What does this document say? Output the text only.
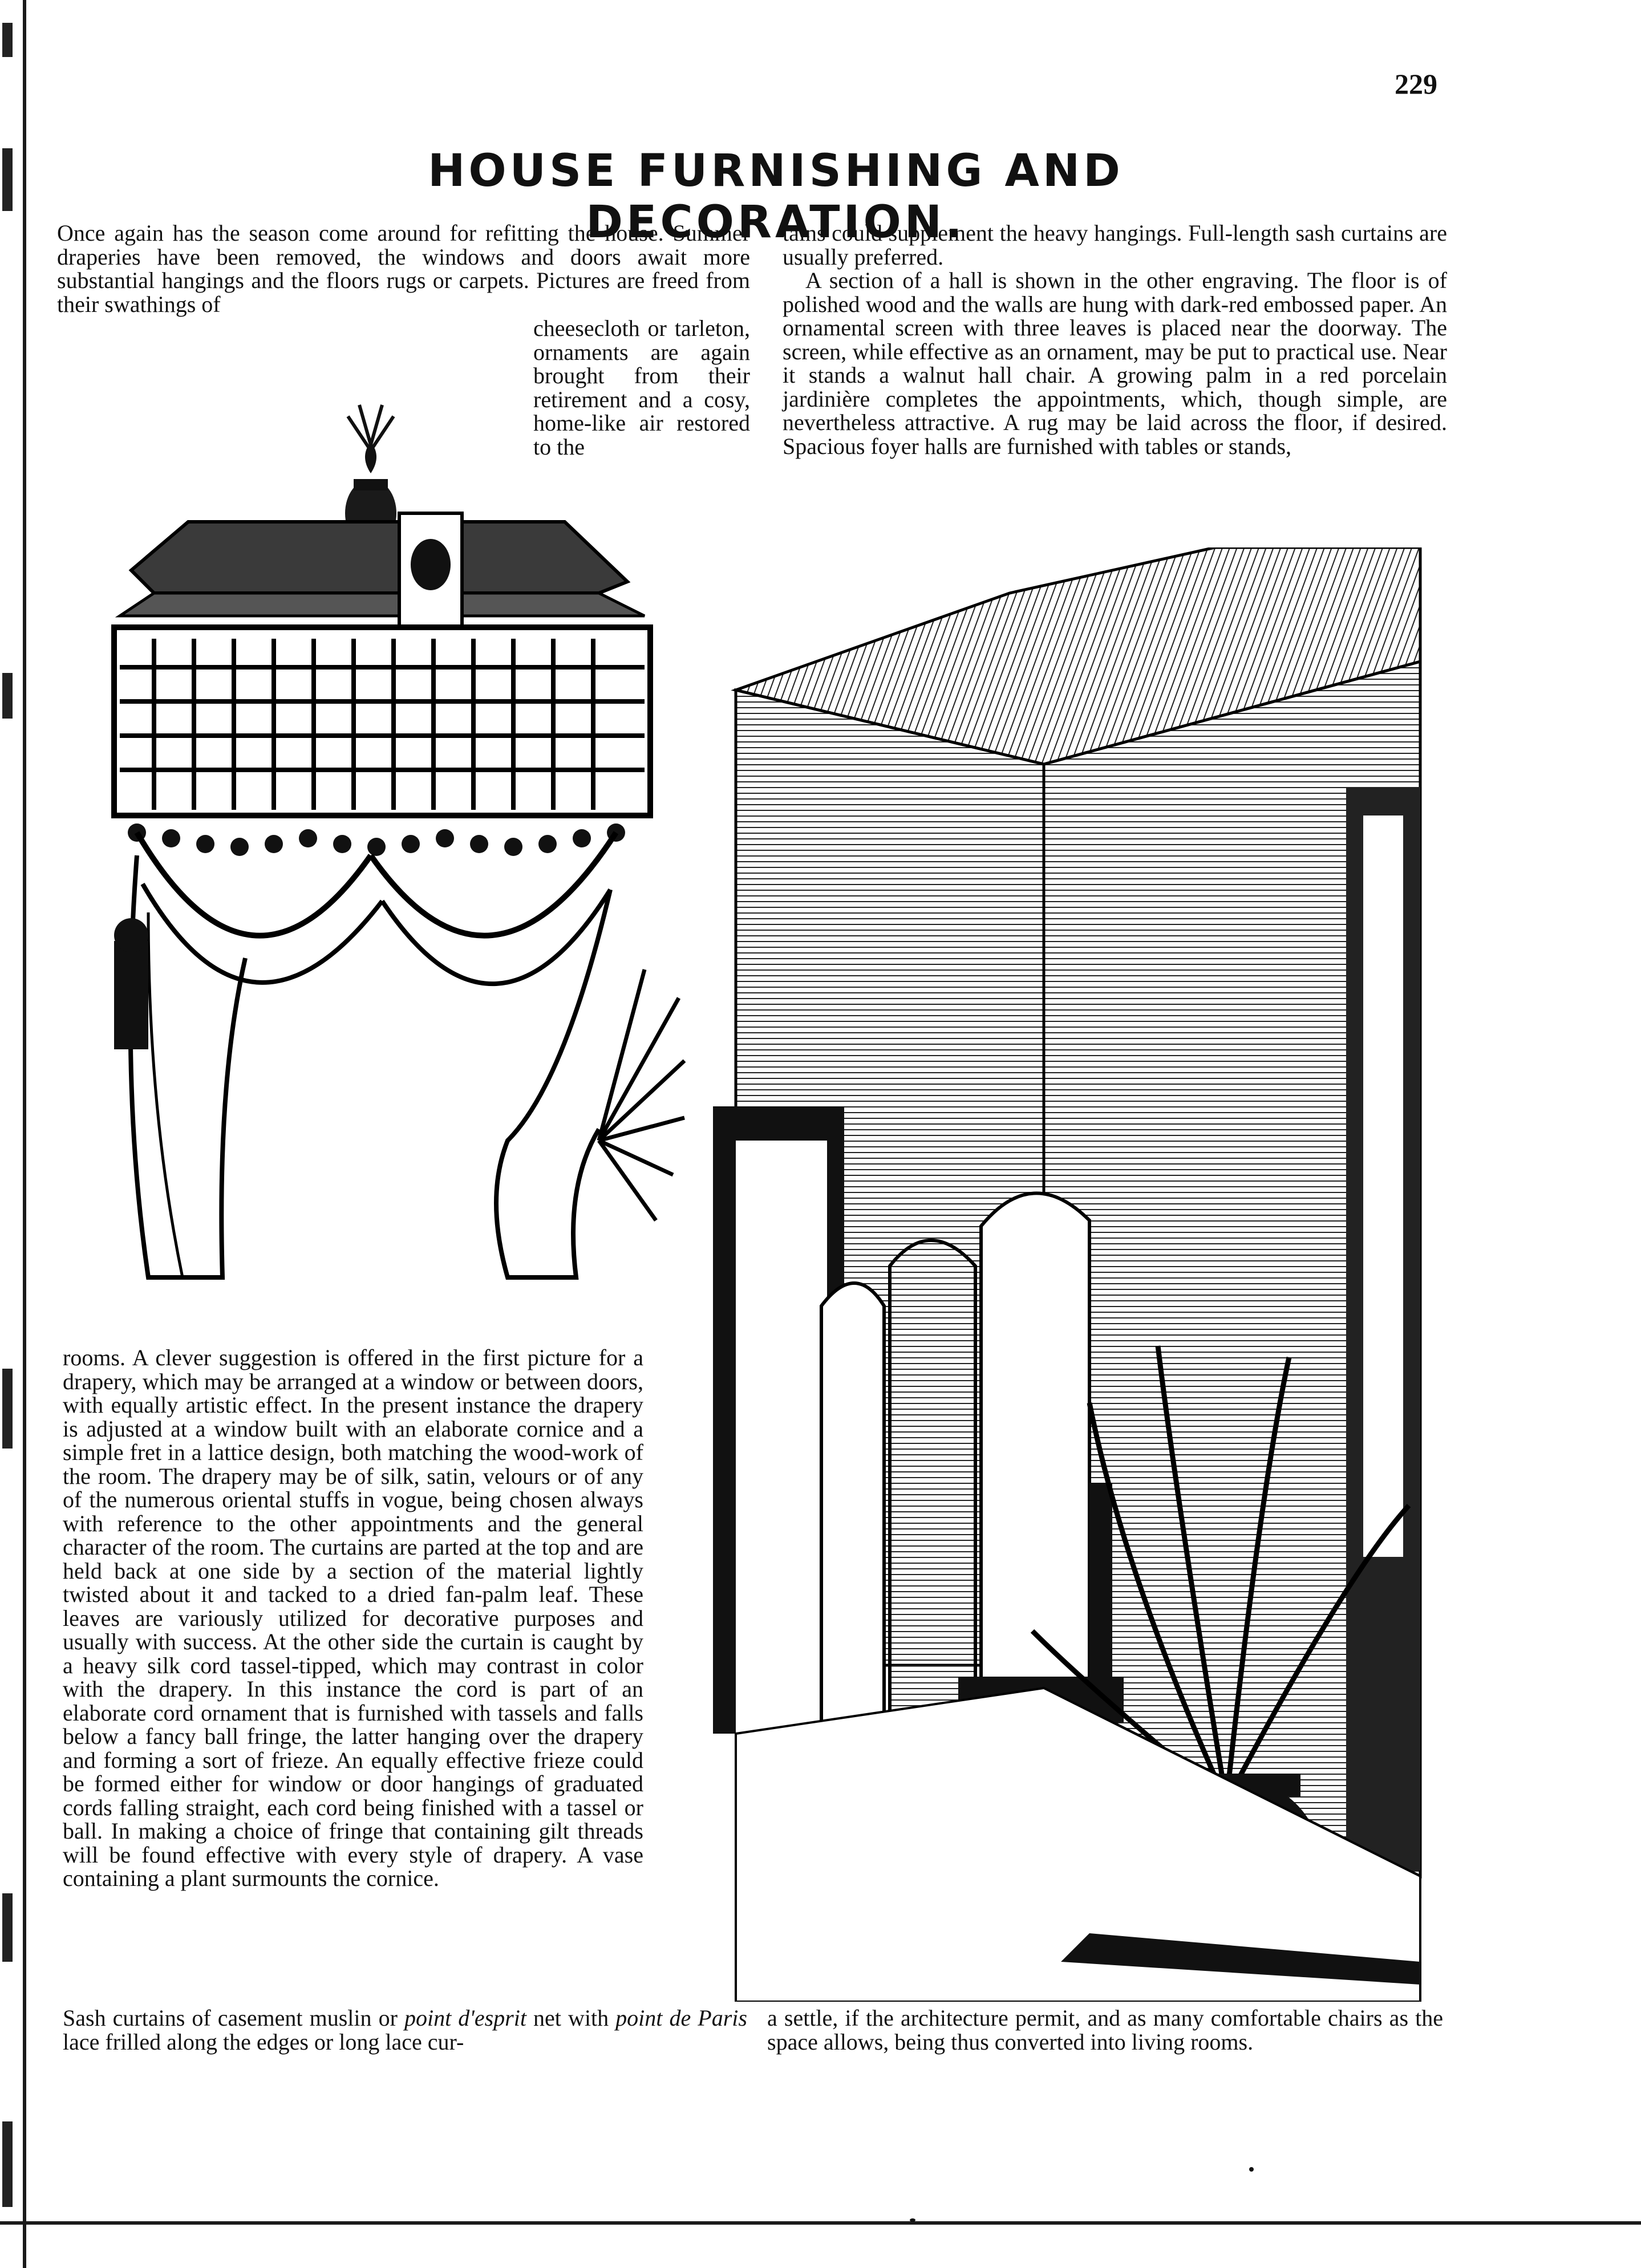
229
HOUSE FURNISHING AND DECORATION.

Once again has the season come around for refitting the house. Summer draperies have been removed, the windows and doors await more substantial hangings and the floors rugs or carpets. Pictures are freed from their swathings of

cheesecloth or tarleton, ornaments are again brought from their retirement and a cosy, home-like air restored to the

tains could supplement the heavy hangings. Full-length sash curtains are usually preferred.

A section of a hall is shown in the other engraving. The floor is of polished wood and the walls are hung with dark-red embossed paper. An ornamental screen with three leaves is placed near the doorway. The screen, while effective as an ornament, may be put to practical use. Near it stands a walnut hall chair. A growing palm in a red porcelain jardinière completes the appointments, which, though simple, are nevertheless attractive. A rug may be laid across the floor, if desired. Spacious foyer halls are furnished with tables or stands,

rooms. A clever suggestion is offered in the first picture for a drapery, which may be arranged at a window or between doors, with equally artistic effect. In the present instance the drapery is adjusted at a window built with an elaborate cornice and a simple fret in a lattice design, both matching the wood-work of the room. The drapery may be of silk, satin, velours or of any of the numerous oriental stuffs in vogue, being chosen always with reference to the other appointments and the general character of the room. The curtains are parted at the top and are held back at one side by a section of the material lightly twisted about it and tacked to a dried fan-palm leaf. These leaves are variously utilized for decorative purposes and usually with success. At the other side the curtain is caught by a heavy silk cord tassel-tipped, which may contrast in color with the drapery. In this instance the cord is part of an elaborate cord ornament that is furnished with tassels and falls below a fancy ball fringe, the latter hanging over the drapery and forming a sort of frieze. An equally effective frieze could be formed either for window or door hangings of graduated cords falling straight, each cord being finished with a tassel or ball. In making a choice of fringe that containing gilt threads will be found effective with every style of drapery. A vase containing a plant surmounts the cornice.

Sash curtains of casement muslin or point d'esprit net with point de Paris lace frilled along the edges or long lace cur-

a settle, if the architecture permit, and as many comfortable chairs as the space allows, being thus converted into living rooms.
